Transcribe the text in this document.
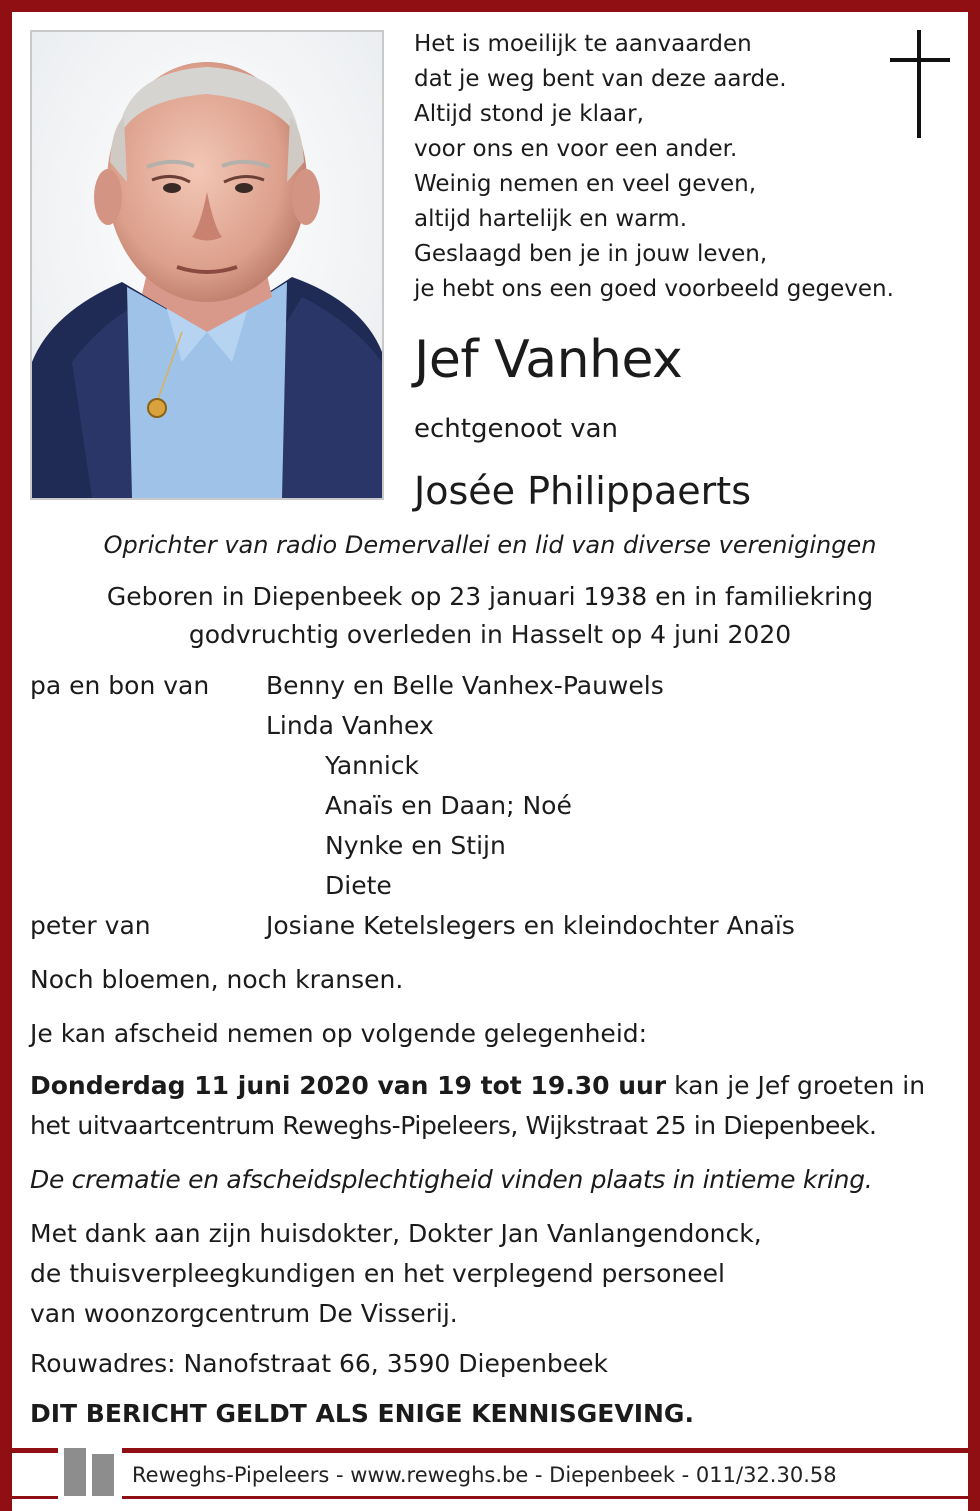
Het is moeilijk te aanvaarden
dat je weg bent van deze aarde.
Altijd stond je klaar,
voor ons en voor een ander.
Weinig nemen en veel geven,
altijd hartelijk en warm.
Geslaagd ben je in jouw leven,
je hebt ons een goed voorbeeld gegeven.
Jef Vanhex
echtgenoot van
Josée Philippaerts
Oprichter van radio Demervallei en lid van diverse verenigingen
Geboren in Diepenbeek op 23 januari 1938 en in familiekring
godvruchtig overleden in Hasselt op 4 juni 2020
pa en bon van Benny en Belle Vanhex-Pauwels
Linda Vanhex
Yannick
Anaïs en Daan; Noé
Nynke en Stijn
Diete
peter van	Josiane Ketelslegers en kleindochter Anaïs
Noch bloemen, noch kransen.
Je kan afscheid nemen op volgende gelegenheid:
Donderdag 11 juni 2020 van 19 tot 19.30 uur kan je Jef groeten in
het uitvaartcentrum Reweghs-Pipeleers, Wijkstraat 25 in Diepenbeek.
De crematie en afscheidsplechtigheid vinden plaats in intieme kring.
Met dank aan zijn huisdokter, Dokter Jan Vanlangendonck,
de thuisverpleegkundigen en het verplegend personeel
van woonzorgcentrum De Visserij.
Rouwadres: Nanofstraat 66, 3590 Diepenbeek
DIT BERICHT GELDT ALS ENIGE KENNISGEVING.
Reweghs-Pipeleers - www.reweghs.be - Diepenbeek - 011/32.30.58
